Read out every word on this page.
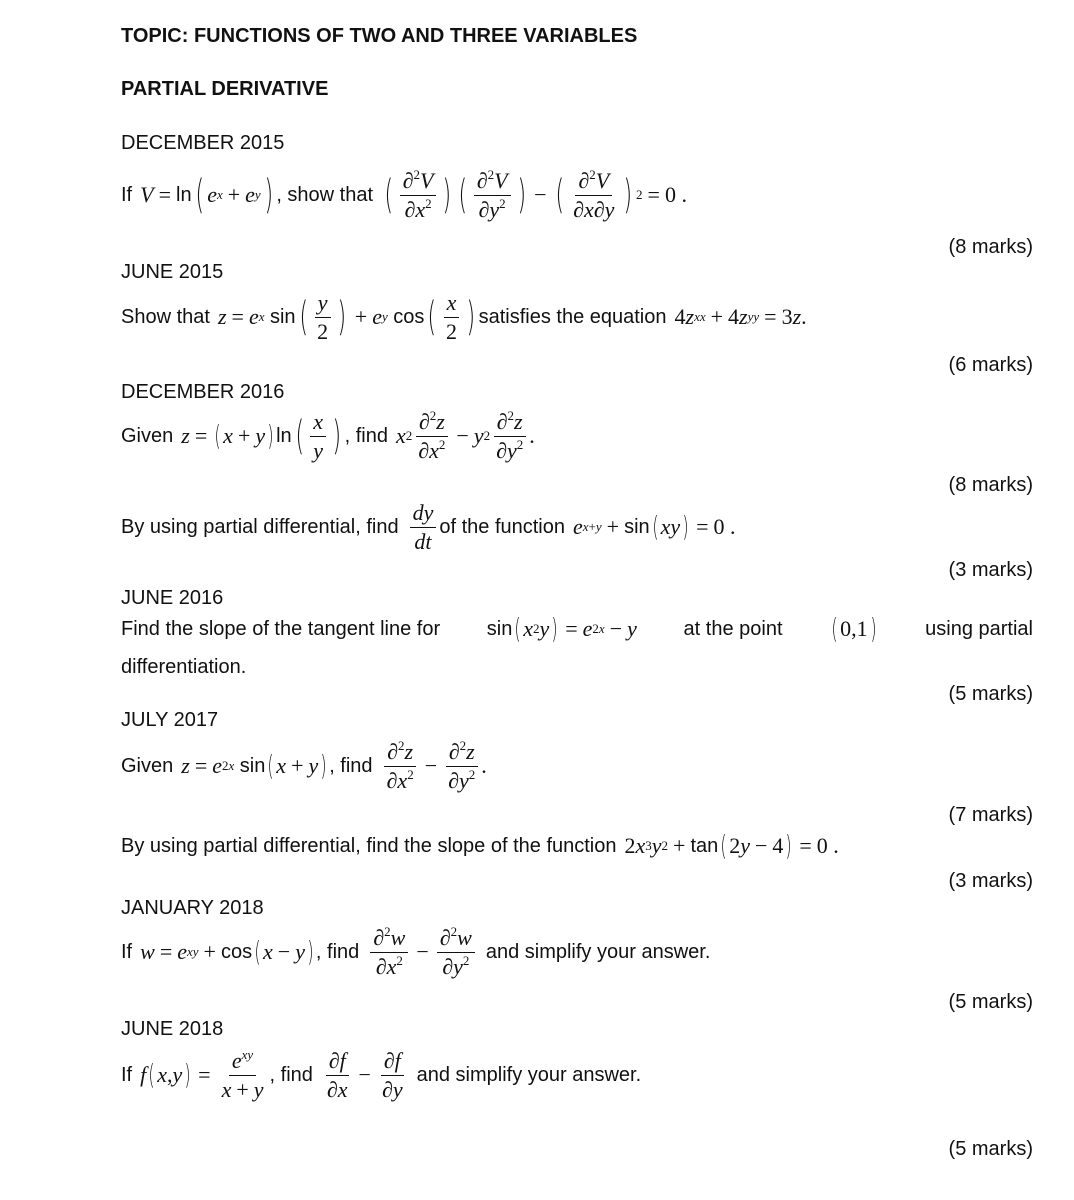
TOPIC: FUNCTIONS OF TWO AND THREE VARIABLES
PARTIAL DERIVATIVE
DECEMBER 2015
If V = ln ( e x + e y ) , show that ( $\frac{\partial^2V}{\partial x^2}$ ) ( $\frac{\partial^2V}{\partial y^2}$ ) − ( $\frac{\partial^2V}{\partial x\partial y}$ ) 2 = 0 .
(8 marks)
JUNE 2015
Show that z = e x
sin ( $\frac{y}{2}$ ) + e y
cos ( $\frac{x}{2}$ ) satisfies the equation 4 z xx + 4 z yy = 3 z .
(6 marks)
DECEMBER 2016
Given z = ( x + y ) ln ( $\frac{x}{y}$ ) , find x $2 \frac{\partial^2z}{\partial x^2} - y$ $2 \frac{\partial^2z}{\partial y^2}$ .
(8 marks)
By using partial differential, find $\frac{dy}{dt}$ of the function e x+y + sin ( xy ) = 0 .
(3 marks)
JUNE 2016
Find the slope of the tangent line for sin ( x 2 y ) = e 2x − y at the point ( 0,1 ) using partial
differentiation.
(5 marks)
JULY 2017
Given z = e 2x
sin ( x + y ) , find $\frac{\partial^2z}{\partial x^2} - \frac{\partial^2z}{\partial y^2}$ .
(7 marks)
By using partial differential, find the slope of the function 2 x 3 y 2 + tan ( 2 y − 4 ) = 0 .
(3 marks)
JANUARY 2018
If w = e xy + cos ( x − y ) , find $\frac{\partial^2w}{\partial x^2} - \frac{\partial^2w}{\partial y^2}$ and simplify your answer.
(5 marks)
JUNE 2018
If f ( x , y ) = $\frac{e^{xy}}{x + y}$ , find $\frac{\partial f}{\partial x} - \frac{\partial f}{\partial y}$ and simplify your answer.
(5 marks)
